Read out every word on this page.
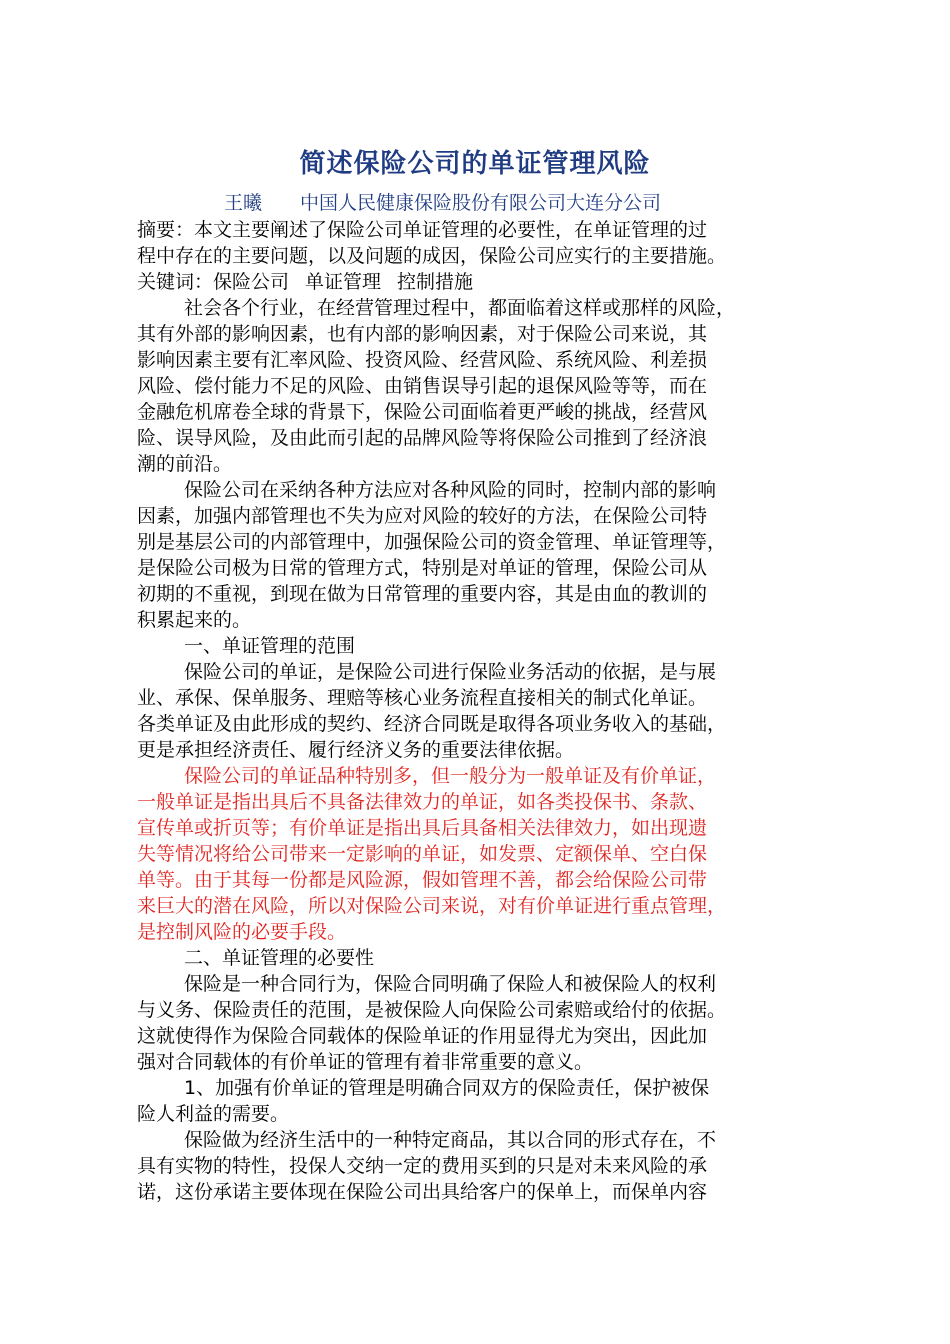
简述保险公司的单证管理风险
王曦 中国人民健康保险股份有限公司大连分公司
摘要：本文主要阐述了保险公司单证管理的必要性，在单证管理的过
程中存在的主要问题，以及问题的成因，保险公司应实行的主要措施。
关键词：保险公司 单证管理 控制措施
社会各个行业，在经营管理过程中，都面临着这样或那样的风险，
其有外部的影响因素，也有内部的影响因素，对于保险公司来说，其
影响因素主要有汇率风险、投资风险、经营风险、系统风险、利差损
风险、偿付能力不足的风险、由销售误导引起的退保风险等等，而在
金融危机席卷全球的背景下，保险公司面临着更严峻的挑战，经营风
险、误导风险，及由此而引起的品牌风险等将保险公司推到了经济浪
潮的前沿。
保险公司在采纳各种方法应对各种风险的同时，控制内部的影响
因素，加强内部管理也不失为应对风险的较好的方法，在保险公司特
别是基层公司的内部管理中，加强保险公司的资金管理、单证管理等，
是保险公司极为日常的管理方式，特别是对单证的管理，保险公司从
初期的不重视，到现在做为日常管理的重要内容，其是由血的教训的
积累起来的。
一、单证管理的范围
保险公司的单证，是保险公司进行保险业务活动的依据，是与展
业、承保、保单服务、理赔等核心业务流程直接相关的制式化单证。
各类单证及由此形成的契约、经济合同既是取得各项业务收入的基础，
更是承担经济责任、履行经济义务的重要法律依据。
保险公司的单证品种特别多，但一般分为一般单证及有价单证，
一般单证是指出具后不具备法律效力的单证，如各类投保书、条款、
宣传单或折页等；有价单证是指出具后具备相关法律效力，如出现遗
失等情况将给公司带来一定影响的单证，如发票、定额保单、空白保
单等。由于其每一份都是风险源，假如管理不善，都会给保险公司带
来巨大的潜在风险，所以对保险公司来说，对有价单证进行重点管理，
是控制风险的必要手段。
二、单证管理的必要性
保险是一种合同行为，保险合同明确了保险人和被保险人的权利
与义务、保险责任的范围，是被保险人向保险公司索赔或给付的依据。
这就使得作为保险合同载体的保险单证的作用显得尤为突出，因此加
强对合同载体的有价单证的管理有着非常重要的意义。
1、加强有价单证的管理是明确合同双方的保险责任，保护被保
险人利益的需要。
保险做为经济生活中的一种特定商品，其以合同的形式存在，不
具有实物的特性，投保人交纳一定的费用买到的只是对未来风险的承
诺，这份承诺主要体现在保险公司出具给客户的保单上，而保单内容
